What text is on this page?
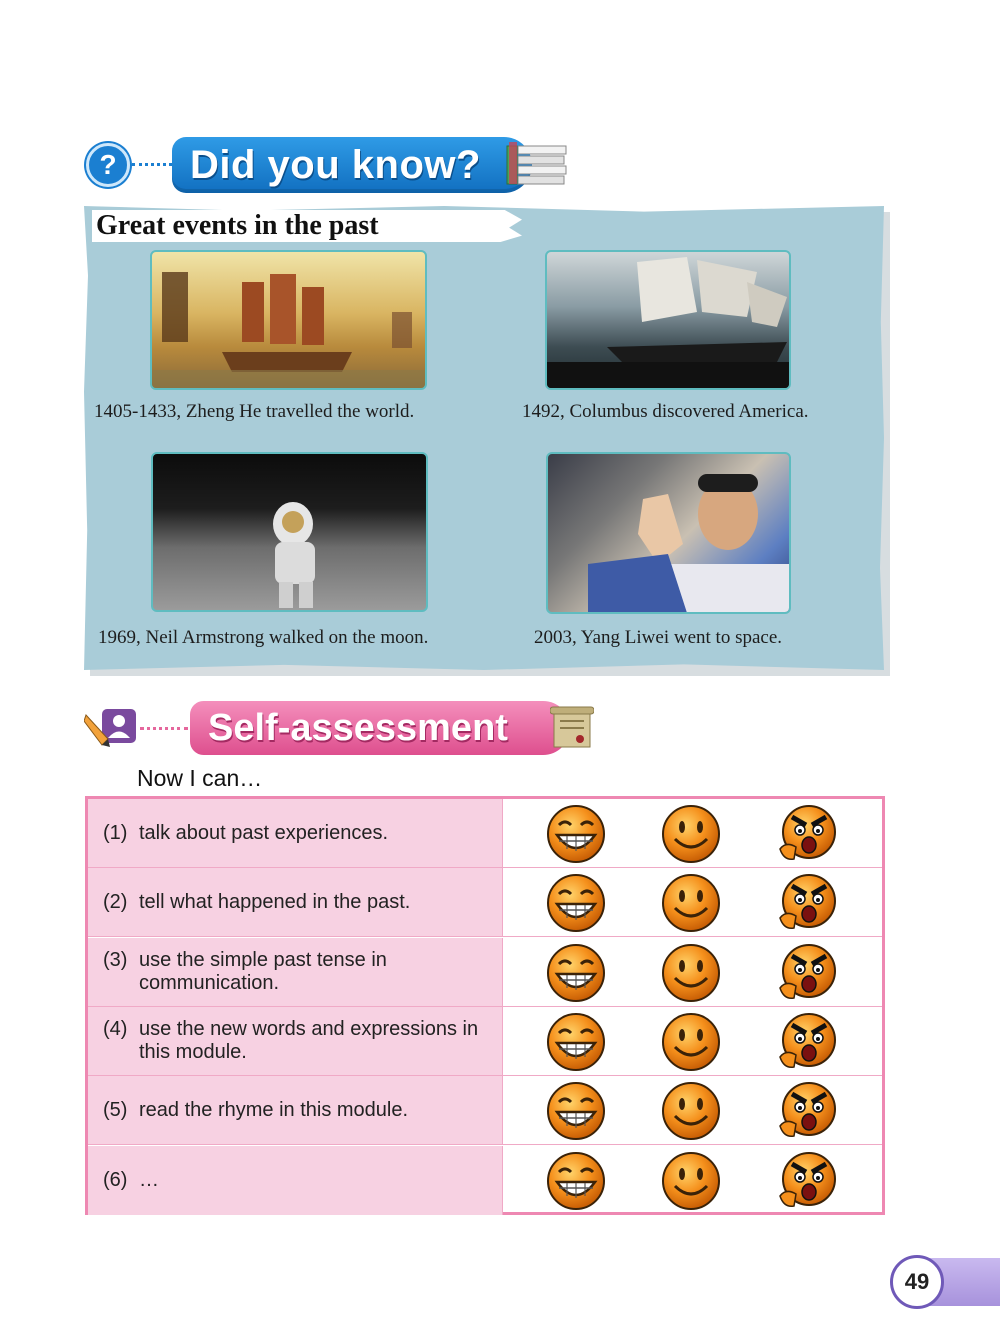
?	Did you know?
Great events in the past
1405-1433, Zheng He travelled the world.	1492, Columbus discovered America.
1969, Neil Armstrong walked on the moon.	2003, Yang Liwei went to space.
Self-assessment
Now I can…
(1) talk about past experiences.
(2) tell what happened in the past.
(3) use the simple past tense in communication.
(4) use the new words and expressions in this module.
(5) read the rhyme in this module.
(6) …
49
